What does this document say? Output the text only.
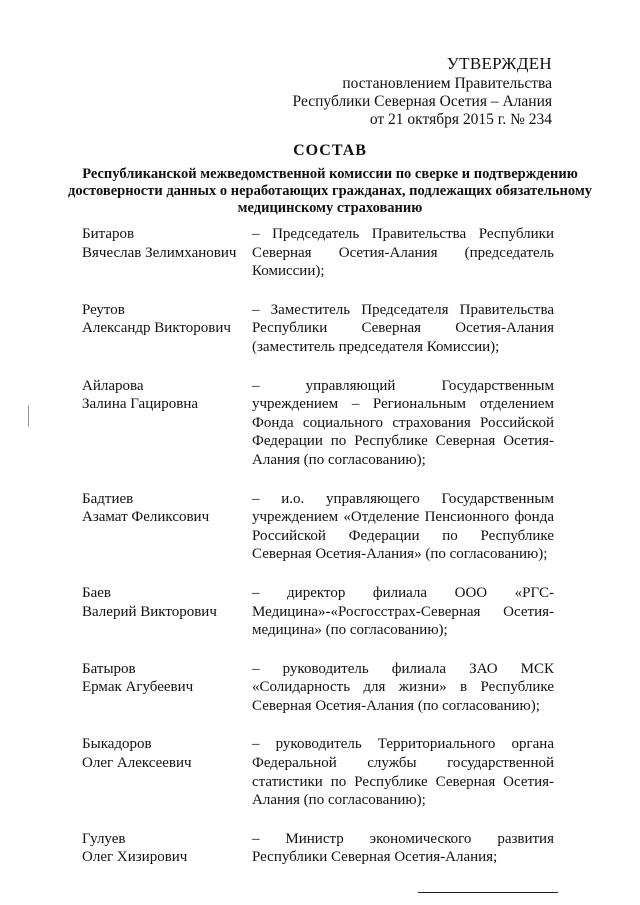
УТВЕРЖДЕН
постановлением Правительства
Республики Северная Осетия – Алания
от 21 октября 2015 г. № 234
СОСТАВ
Республиканской межведомственной комиссии по сверке и подтверждению достоверности данных о неработающих гражданах, подлежащих обязательному медицинскому страхованию
Битаров
Вячеслав Зелимханович
– Председатель Правительства Республики Северная Осетия-Алания (председатель Комиссии);
Реутов
Александр Викторович
– Заместитель Председателя Правительства Республики Северная Осетия-Алания (заместитель председателя Комиссии);
Айларова
Залина Гацировна
– управляющий Государственным учреждением – Региональным отделением Фонда социального страхования Российской Федерации по Республике Северная Осетия-Алания (по согласованию);
Бадтиев
Азамат Феликсович
– и.о. управляющего Государственным учреждением «Отделение Пенсионного фонда Российской Федерации по Республике Северная Осетия-Алания» (по согласованию);
Баев
Валерий Викторович
– директор филиала ООО «РГС-Медицина»-«Росгосстрах-Северная Осетия-медицина» (по согласованию);
Батыров
Ермак Агубеевич
– руководитель филиала ЗАО МСК «Солидарность для жизни» в Республике Северная Осетия-Алания (по согласованию);
Быкадоров
Олег Алексеевич
– руководитель Территориального органа Федеральной службы государственной статистики по Республике Северная Осетия-Алания (по согласованию);
Гулуев
Олег Хизирович
– Министр экономического развития Республики Северная Осетия-Алания;
